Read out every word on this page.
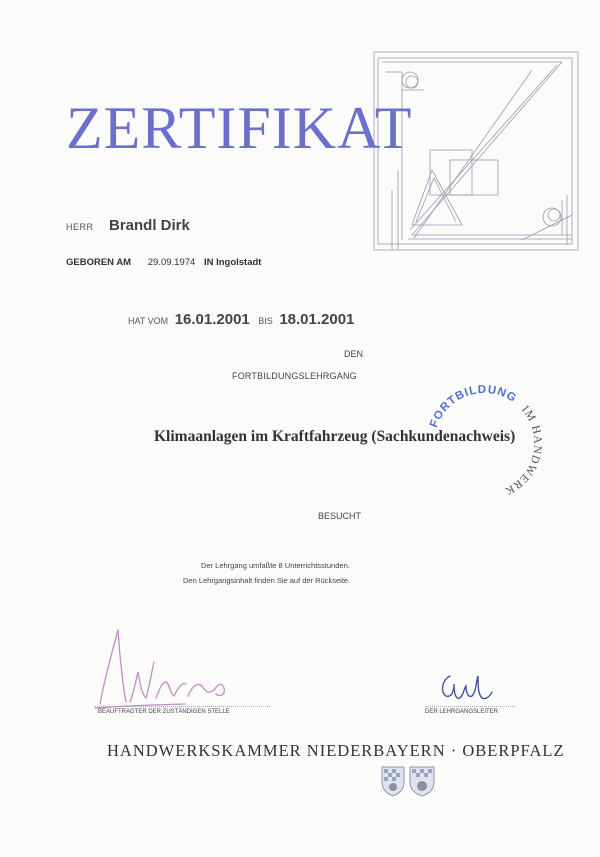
ZERTIFIKAT
HERR Brandl Dirk
GEBOREN AM 29.09.1974 IN Ingolstadt
HAT VOM 16.01.2001 BIS 18.01.2001
DEN
FORTBILDUNGSLEHRGANG
Klimaanlagen im Kraftfahrzeug (Sachkundenachweis)
FORTBILDUNG IM HANDWERK
BESUCHT
Der Lehrgang umfaßte 8 Unterrichtsstunden.
Den Lehrgangsinhalt finden Sie auf der Rückseite.
BEAUFTRAGTER DER ZUSTÄNDIGEN STELLE	DER LEHRGANGSLEITER
HANDWERKSKAMMER NIEDERBAYERN · OBERPFALZ
